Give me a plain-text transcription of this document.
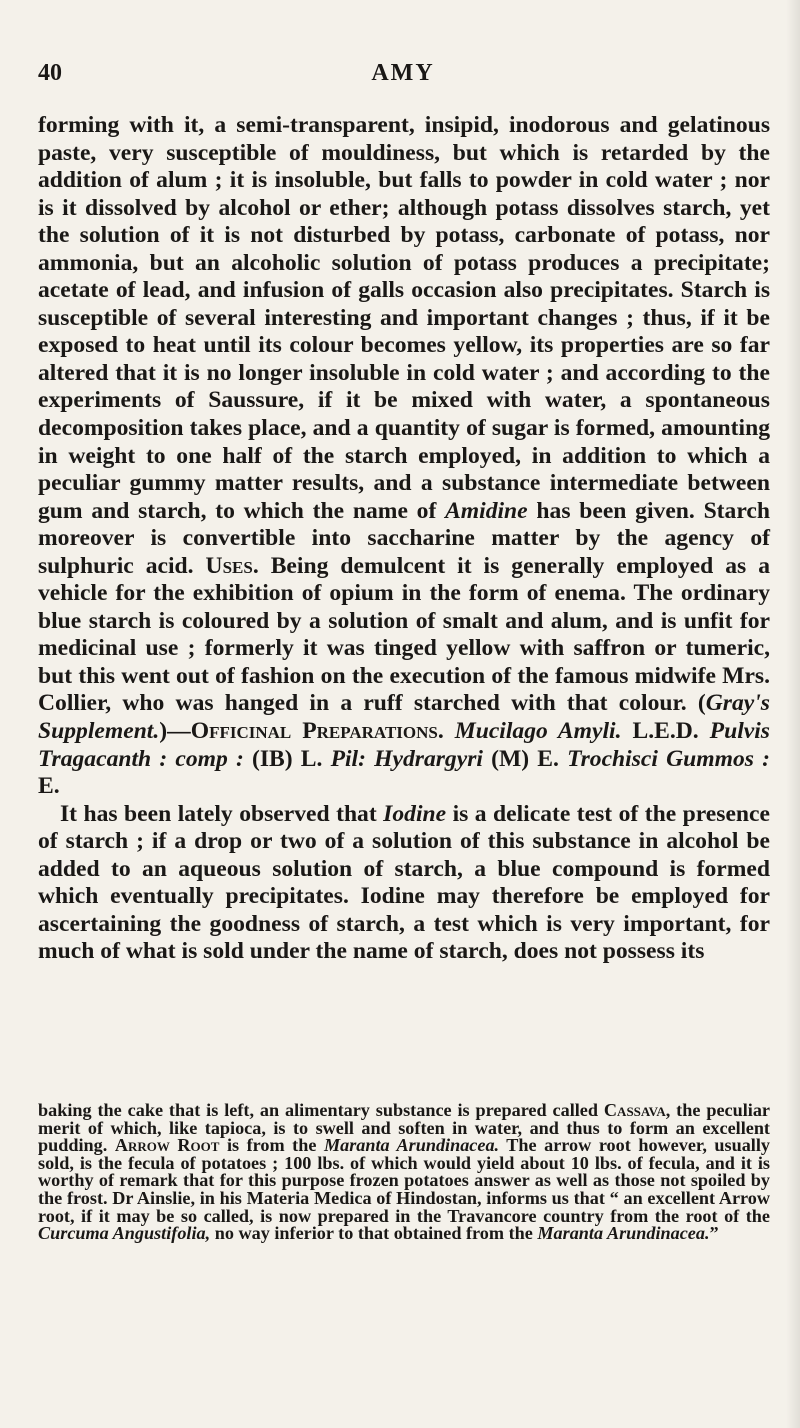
40	AMY

forming with it, a semi-transparent, insipid, inodorous and gelatinous paste, very susceptible of mouldiness, but which is retarded by the addition of alum ; it is insoluble, but falls to powder in cold water ; nor is it dissolved by alcohol or ether; although potass dissolves starch, yet the solution of it is not disturbed by potass, carbonate of potass, nor ammonia, but an alcoholic solution of potass produces a precipitate; acetate of lead, and infusion of galls occasion also precipitates. Starch is susceptible of several interesting and important changes ; thus, if it be exposed to heat until its colour becomes yellow, its properties are so far altered that it is no longer insoluble in cold water ; and according to the experiments of Saussure, if it be mixed with water, a spontaneous decomposition takes place, and a quantity of sugar is formed, amounting in weight to one half of the starch employed, in addition to which a peculiar gummy matter results, and a substance intermediate between gum and starch, to which the name of Amidine has been given. Starch moreover is convertible into saccharine matter by the agency of sulphuric acid. Uses. Being demulcent it is generally employed as a vehicle for the exhibition of opium in the form of enema. The ordinary blue starch is coloured by a solution of smalt and alum, and is unfit for medicinal use ; formerly it was tinged yellow with saffron or tumeric, but this went out of fashion on the execution of the famous midwife Mrs. Collier, who was hanged in a ruff starched with that colour. (Gray's Supplement.)—Officinal Preparations. Mucilago Amyli. L.E.D. Pulvis Tragacanth : comp : (IB) L. Pil: Hydrargyri (M) E. Trochisci Gummos : E.

It has been lately observed that Iodine is a delicate test of the presence of starch ; if a drop or two of a solution of this substance in alcohol be added to an aqueous solution of starch, a blue compound is formed which eventually precipitates. Iodine may therefore be employed for ascertaining the goodness of starch, a test which is very important, for much of what is sold under the name of starch, does not possess its

baking the cake that is left, an alimentary substance is prepared called Cassava, the peculiar merit of which, like tapioca, is to swell and soften in water, and thus to form an excellent pudding. Arrow Root is from the Maranta Arundinacea. The arrow root however, usually sold, is the fecula of potatoes ; 100 lbs. of which would yield about 10 lbs. of fecula, and it is worthy of remark that for this purpose frozen potatoes answer as well as those not spoiled by the frost. Dr Ainslie, in his Materia Medica of Hindostan, informs us that “ an excellent Arrow root, if it may be so called, is now prepared in the Travancore country from the root of the Curcuma Angustifolia, no way inferior to that obtained from the Maranta Arundinacea.”
